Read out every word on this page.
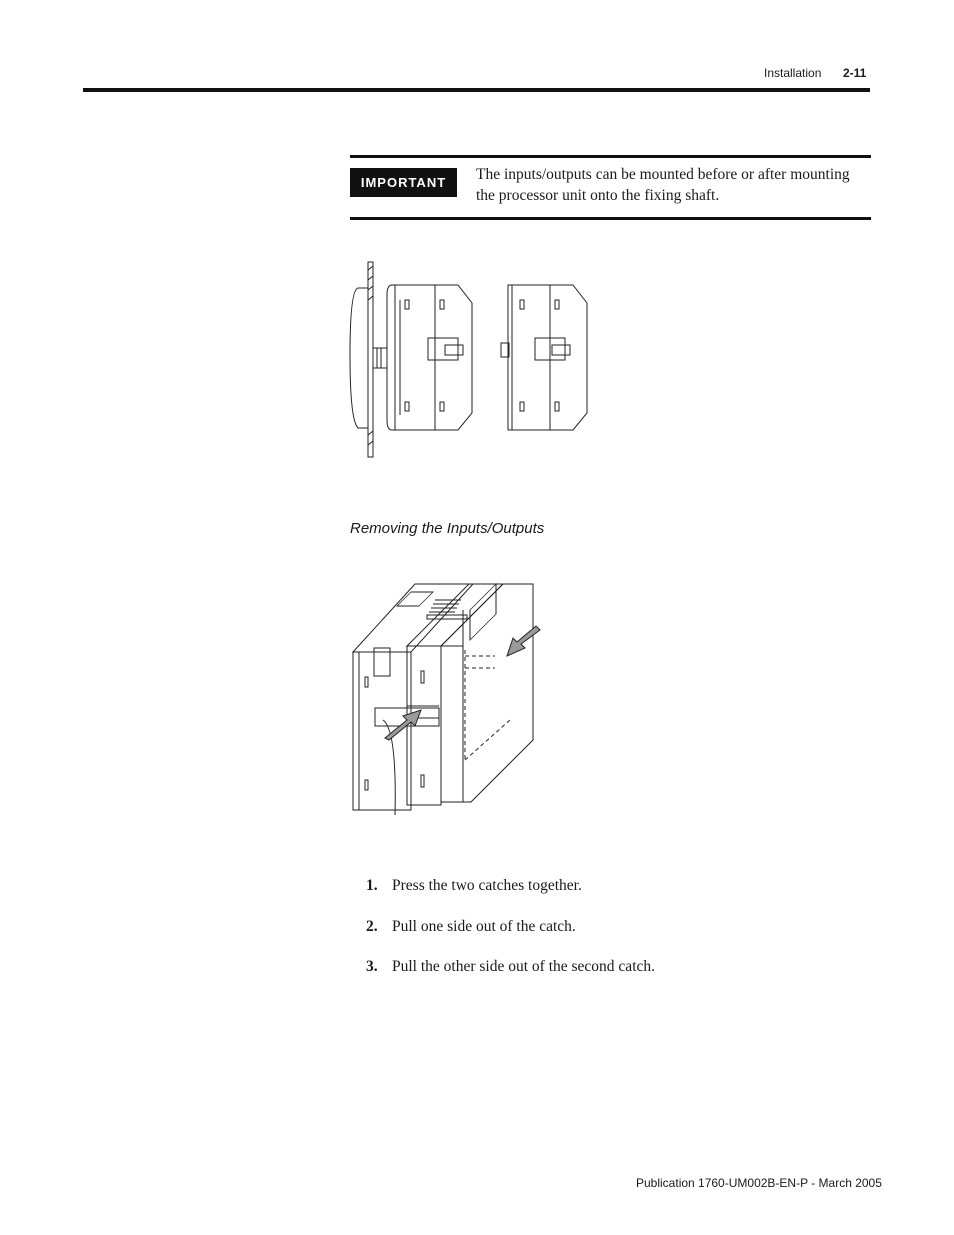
Installation 2-11
IMPORTANT	The inputs/outputs can be mounted before or after mounting the processor unit onto the fixing shaft.
Removing the Inputs/Outputs
1. Press the two catches together.
2. Pull one side out of the catch.
3. Pull the other side out of the second catch.
Publication 1760-UM002B-EN-P - March 2005
